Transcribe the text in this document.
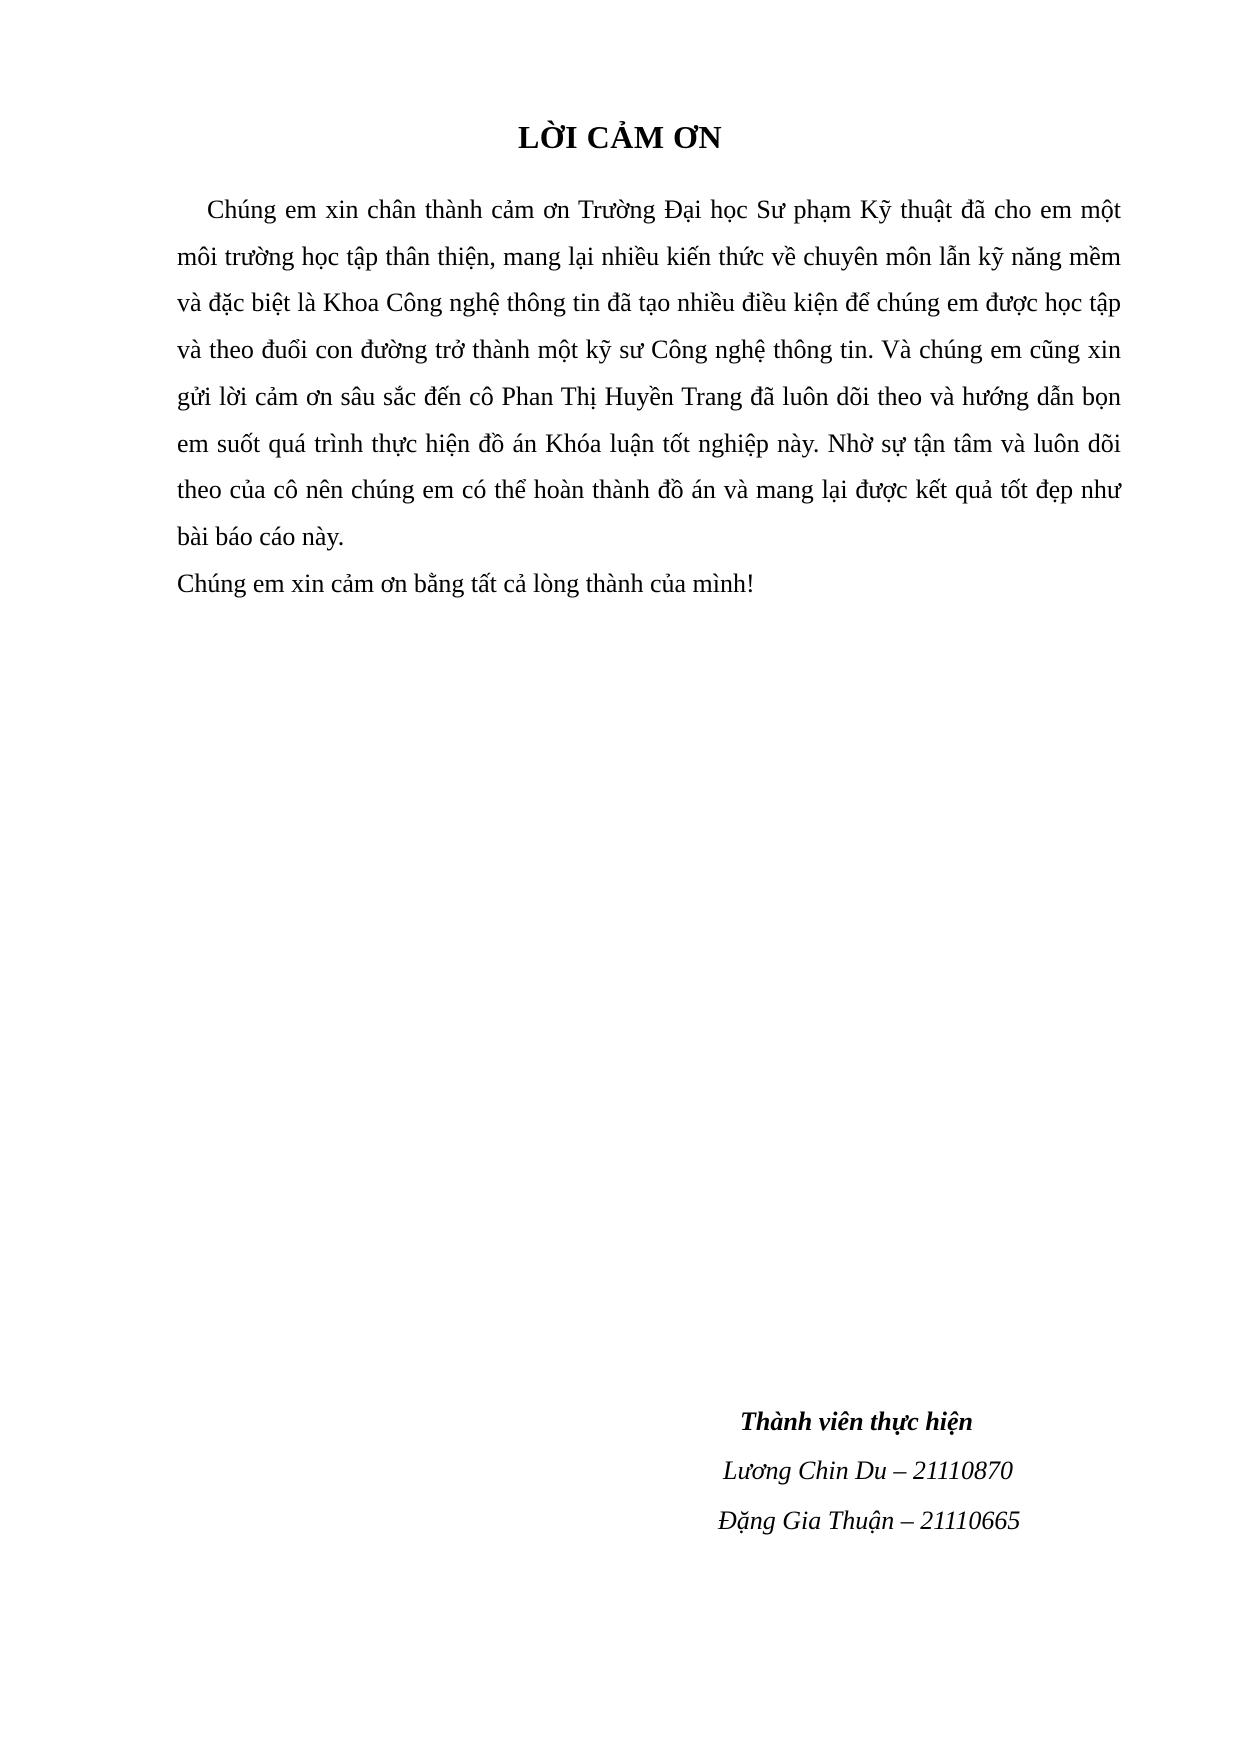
LỜI CẢM ƠN

Chúng em xin chân thành cảm ơn Trường Đại học Sư phạm Kỹ thuật đã cho em một môi trường học tập thân thiện, mang lại nhiều kiến thức về chuyên môn lẫn kỹ năng mềm và đặc biệt là Khoa Công nghệ thông tin đã tạo nhiều điều kiện để chúng em được học tập và theo đuổi con đường trở thành một kỹ sư Công nghệ thông tin. Và chúng em cũng xin gửi lời cảm ơn sâu sắc đến cô Phan Thị Huyền Trang đã luôn dõi theo và hướng dẫn bọn em suốt quá trình thực hiện đồ án Khóa luận tốt nghiệp này. Nhờ sự tận tâm và luôn dõi theo của cô nên chúng em có thể hoàn thành đồ án và mang lại được kết quả tốt đẹp như bài báo cáo này.

Chúng em xin cảm ơn bằng tất cả lòng thành của mình!

Thành viên thực hiện
Lương Chin Du – 21110870
Đặng Gia Thuận – 21110665
